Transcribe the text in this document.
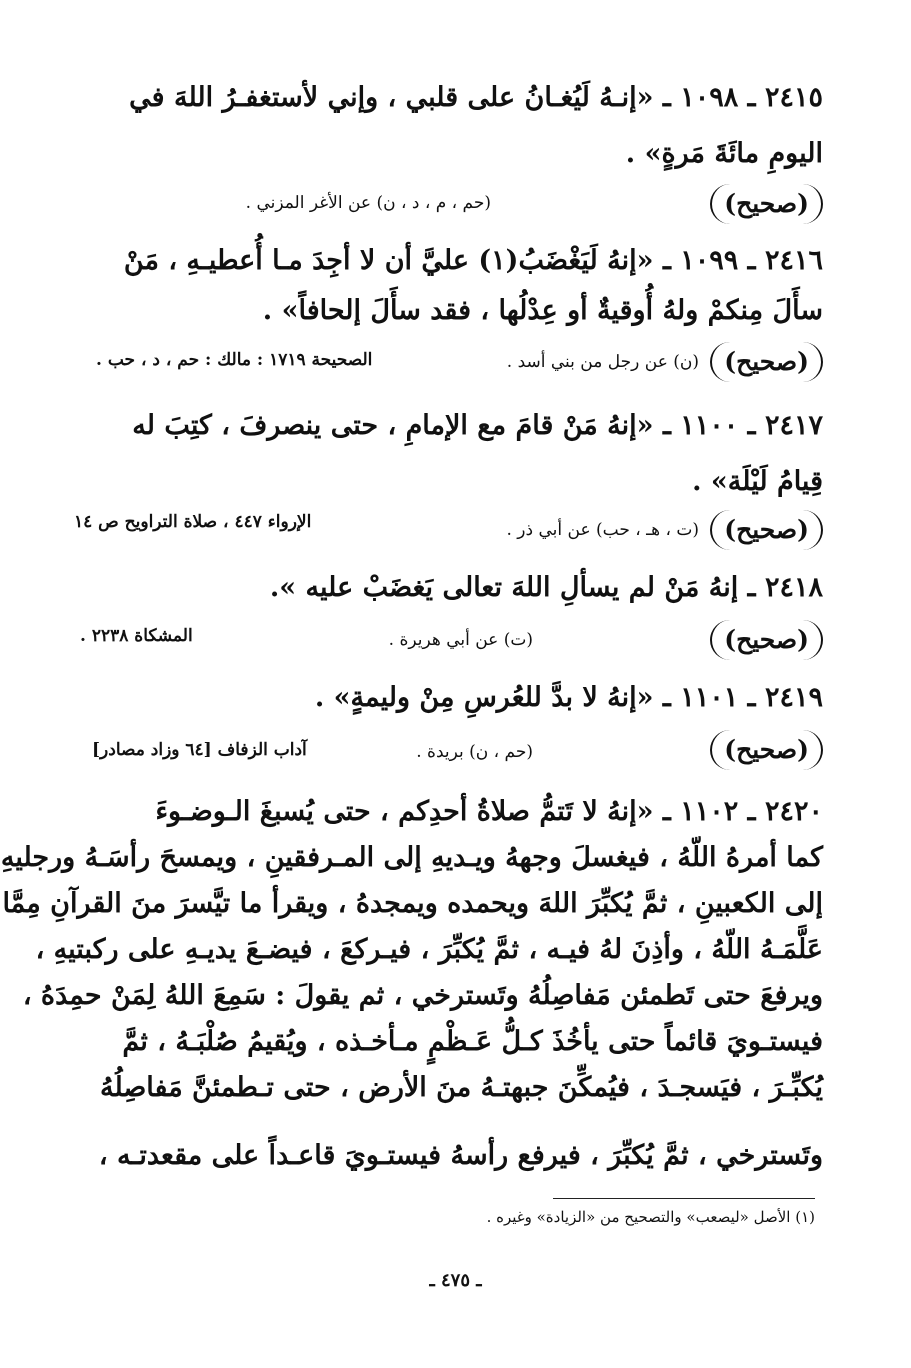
٢٤١٥ ـ ١٠٩٨ ـ «إنـهُ لَيُغـانُ على قلبي ، وإني لأستغفـرُ اللهَ في
اليومِ مائَةَ مَرةٍ» .
(صحيح)
(حم ، م ، د ، ن) عن الأغر المزني .
٢٤١٦ ـ ١٠٩٩ ـ «إنهُ لَيَغْضَبُ(١) عليَّ أن لا أجِدَ مـا أُعطيـهِ ، مَنْ
سأَلَ مِنكمْ ولهُ أُوقيةٌ أو عِدْلُها ، فقد سأَلَ إلحافاً» .
(صحيح)
(ن) عن رجل من بني أسد .
الصحيحة ١٧١٩ : مالك : حم ، د ، حب .
٢٤١٧ ـ ١١٠٠ ـ «إنهُ مَنْ قامَ مع الإمامِ ، حتى ينصرفَ ، كتِبَ له
قِيامُ لَيْلَة» .
(صحيح)
(ت ، هـ ، حب) عن أبي ذر .
الإرواء ٤٤٧ ، صلاة التراويح ص ١٤
٢٤١٨ ـ إنهُ مَنْ لم يسألِ اللهَ تعالى يَغضَبْ عليه ».
(صحيح)
(ت) عن أبي هريرة .
المشكاة ٢٢٣٨ .
٢٤١٩ ـ ١١٠١ ـ «إنهُ لا بدَّ للعُرسِ مِنْ وليمةٍ» .
(صحيح)
(حم ، ن) بريدة .
آداب الزفاف [٦٤ وزاد مصادر]
٢٤٢٠ ـ ١١٠٢ ـ «إنهُ لا تَتمُّ صلاةُ أحدِكم ، حتى يُسبغَ الـوضـوءَ
كما أمرهُ اللّهُ ، فيغسلَ وجههُ ويـديهِ إلى المـرفقينِ ، ويمسحَ رأسَـهُ ورجليهِ
إلى الكعبينِ ، ثمَّ يُكبِّرَ اللهَ ويحمده ويمجدهُ ، ويقرأ ما تيَّسرَ منَ القرآنِ مِمَّا
عَلَّمَـهُ اللّهُ ، وأذِنَ لهُ فيـه ، ثمَّ يُكبِّرَ ، فيـركعَ ، فيضـعَ يديـهِ على ركبتيهِ ،
ويرفعَ حتى تَطمئن مَفاصِلُهُ وتَسترخي ، ثم يقولَ : سَمِعَ اللهُ لِمَنْ حمِدَهُ ،
فيستـويَ قائماً حتى يأخُذَ كـلُّ عَـظْمٍ مـأخـذه ، ويُقيمُ صُلْبَـهُ ، ثمَّ
يُكبِّـرَ ، فيَسجـدَ ، فيُمكِّنَ جبهتـهُ منَ الأرض ، حتى تـطمئنَّ مَفاصِلُهُ
وتَسترخي ، ثمَّ يُكبِّرَ ، فيرفع رأسهُ فيستـويَ قاعـداً على مقعدتـه ،
(١) الأصل «ليصعب» والتصحيح من «الزيادة» وغيره .
ـ ٤٧٥ ـ
